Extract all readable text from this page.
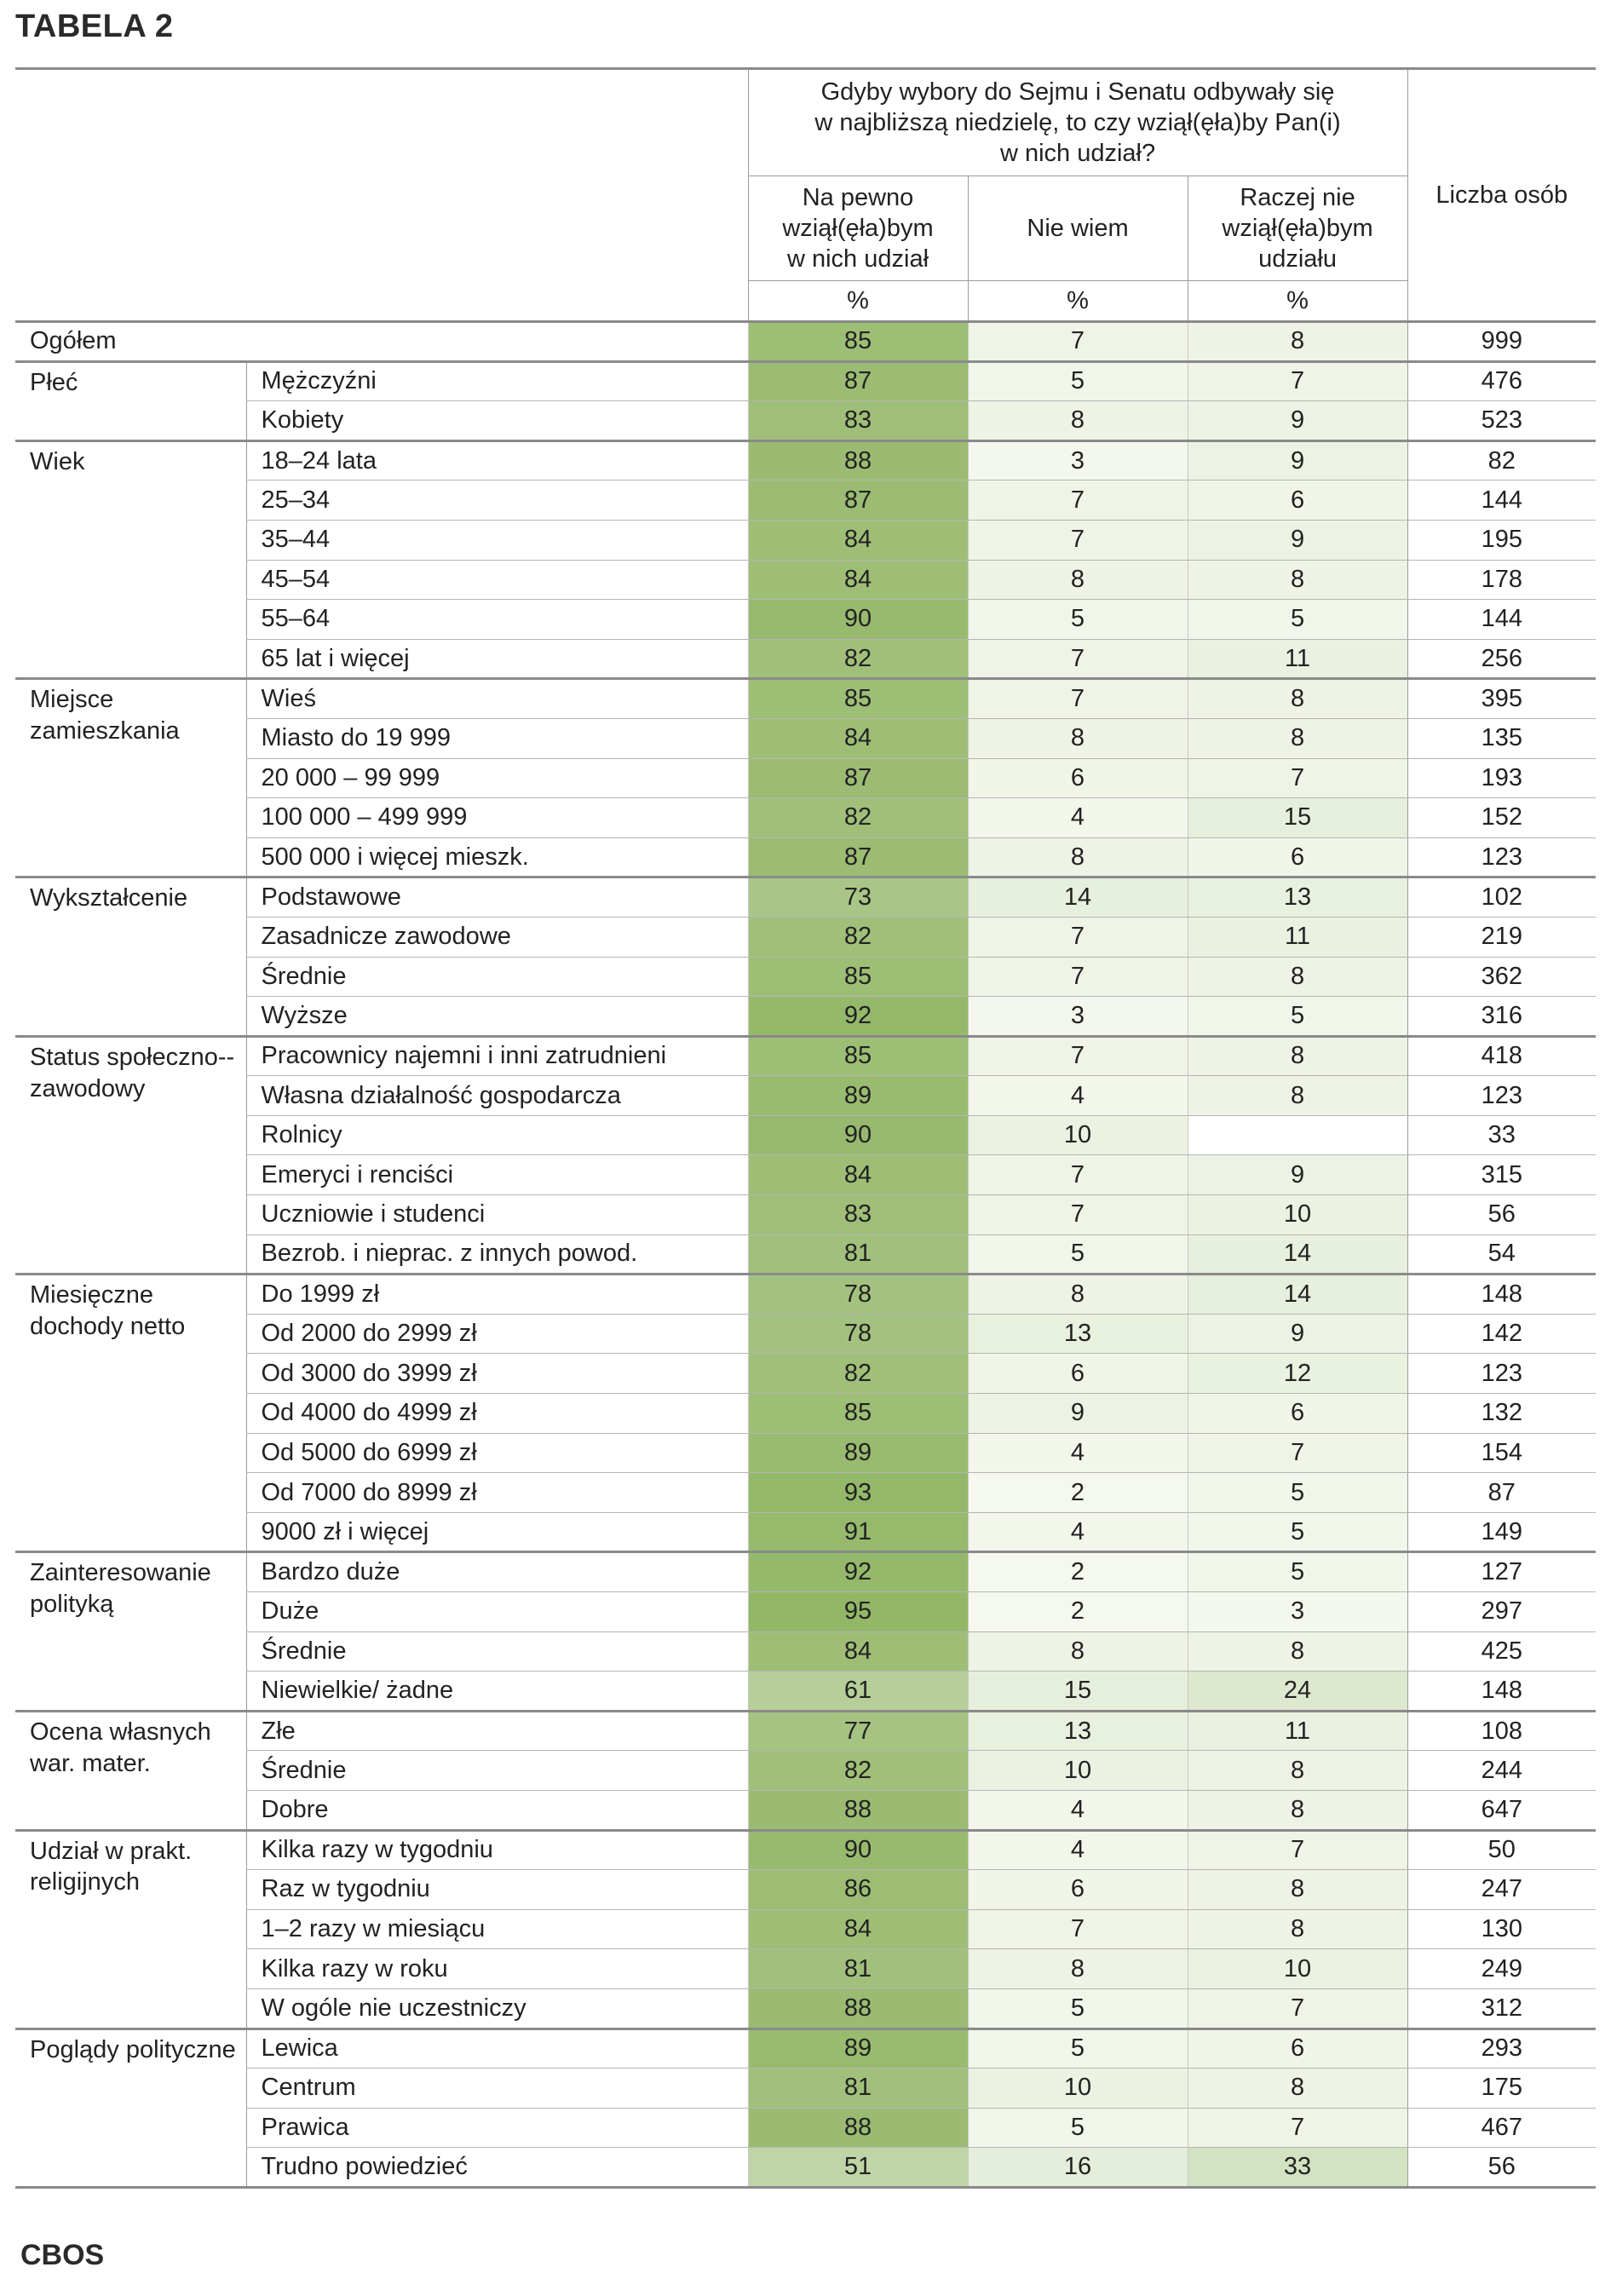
TABELA 2
		Gdyby wybory do Sejmu i Senatu odbywały się
w najbliższą niedzielę, to czy wziął(ęła)by Pan(i)
w nich udział?			Liczba osób
		Na pewno
wziął(ęła)bym
w nich udział	Nie wiem	Raczej nie
wziął(ęła)bym
udziału	
		%	%	%	
Ogółem		85	7	8	999
Płeć	Mężczyźni	87	5	7	476
	Kobiety	83	8	9	523
Wiek	18–24 lata	88	3	9	82
	25–34	87	7	6	144
	35–44	84	7	9	195
	45–54	84	8	8	178
	55–64	90	5	5	144
	65 lat i więcej	82	7	11	256
Miejsce zamieszkania	Wieś	85	7	8	395
	Miasto do 19 999	84	8	8	135
	20 000 – 99 999	87	6	7	193
	100 000 – 499 999	82	4	15	152
	500 000 i więcej mieszk.	87	8	6	123
Wykształcenie	Podstawowe	73	14	13	102
	Zasadnicze zawodowe	82	7	11	219
	Średnie	85	7	8	362
	Wyższe	92	3	5	316
Status społeczno--zawodowy	Pracownicy najemni i inni zatrudnieni	85	7	8	418
	Własna działalność gospodarcza	89	4	8	123
	Rolnicy	90	10		33
	Emeryci i renciści	84	7	9	315
	Uczniowie i studenci	83	7	10	56
	Bezrob. i nieprac. z innych powod.	81	5	14	54
Miesięczne dochody netto	Do 1999 zł	78	8	14	148
	Od 2000 do 2999 zł	78	13	9	142
	Od 3000 do 3999 zł	82	6	12	123
	Od 4000 do 4999 zł	85	9	6	132
	Od 5000 do 6999 zł	89	4	7	154
	Od 7000 do 8999 zł	93	2	5	87
	9000 zł i więcej	91	4	5	149
Zainteresowanie polityką	Bardzo duże	92	2	5	127
	Duże	95	2	3	297
	Średnie	84	8	8	425
	Niewielkie/ żadne	61	15	24	148
Ocena własnych war. mater.	Złe	77	13	11	108
	Średnie	82	10	8	244
	Dobre	88	4	8	647
Udział w prakt. religijnych	Kilka razy w tygodniu	90	4	7	50
	Raz w tygodniu	86	6	8	247
	1–2 razy w miesiącu	84	7	8	130
	Kilka razy w roku	81	8	10	249
	W ogóle nie uczestniczy	88	5	7	312
Poglądy polityczne	Lewica	89	5	6	293
	Centrum	81	10	8	175
	Prawica	88	5	7	467
	Trudno powiedzieć	51	16	33	56
CBOS
